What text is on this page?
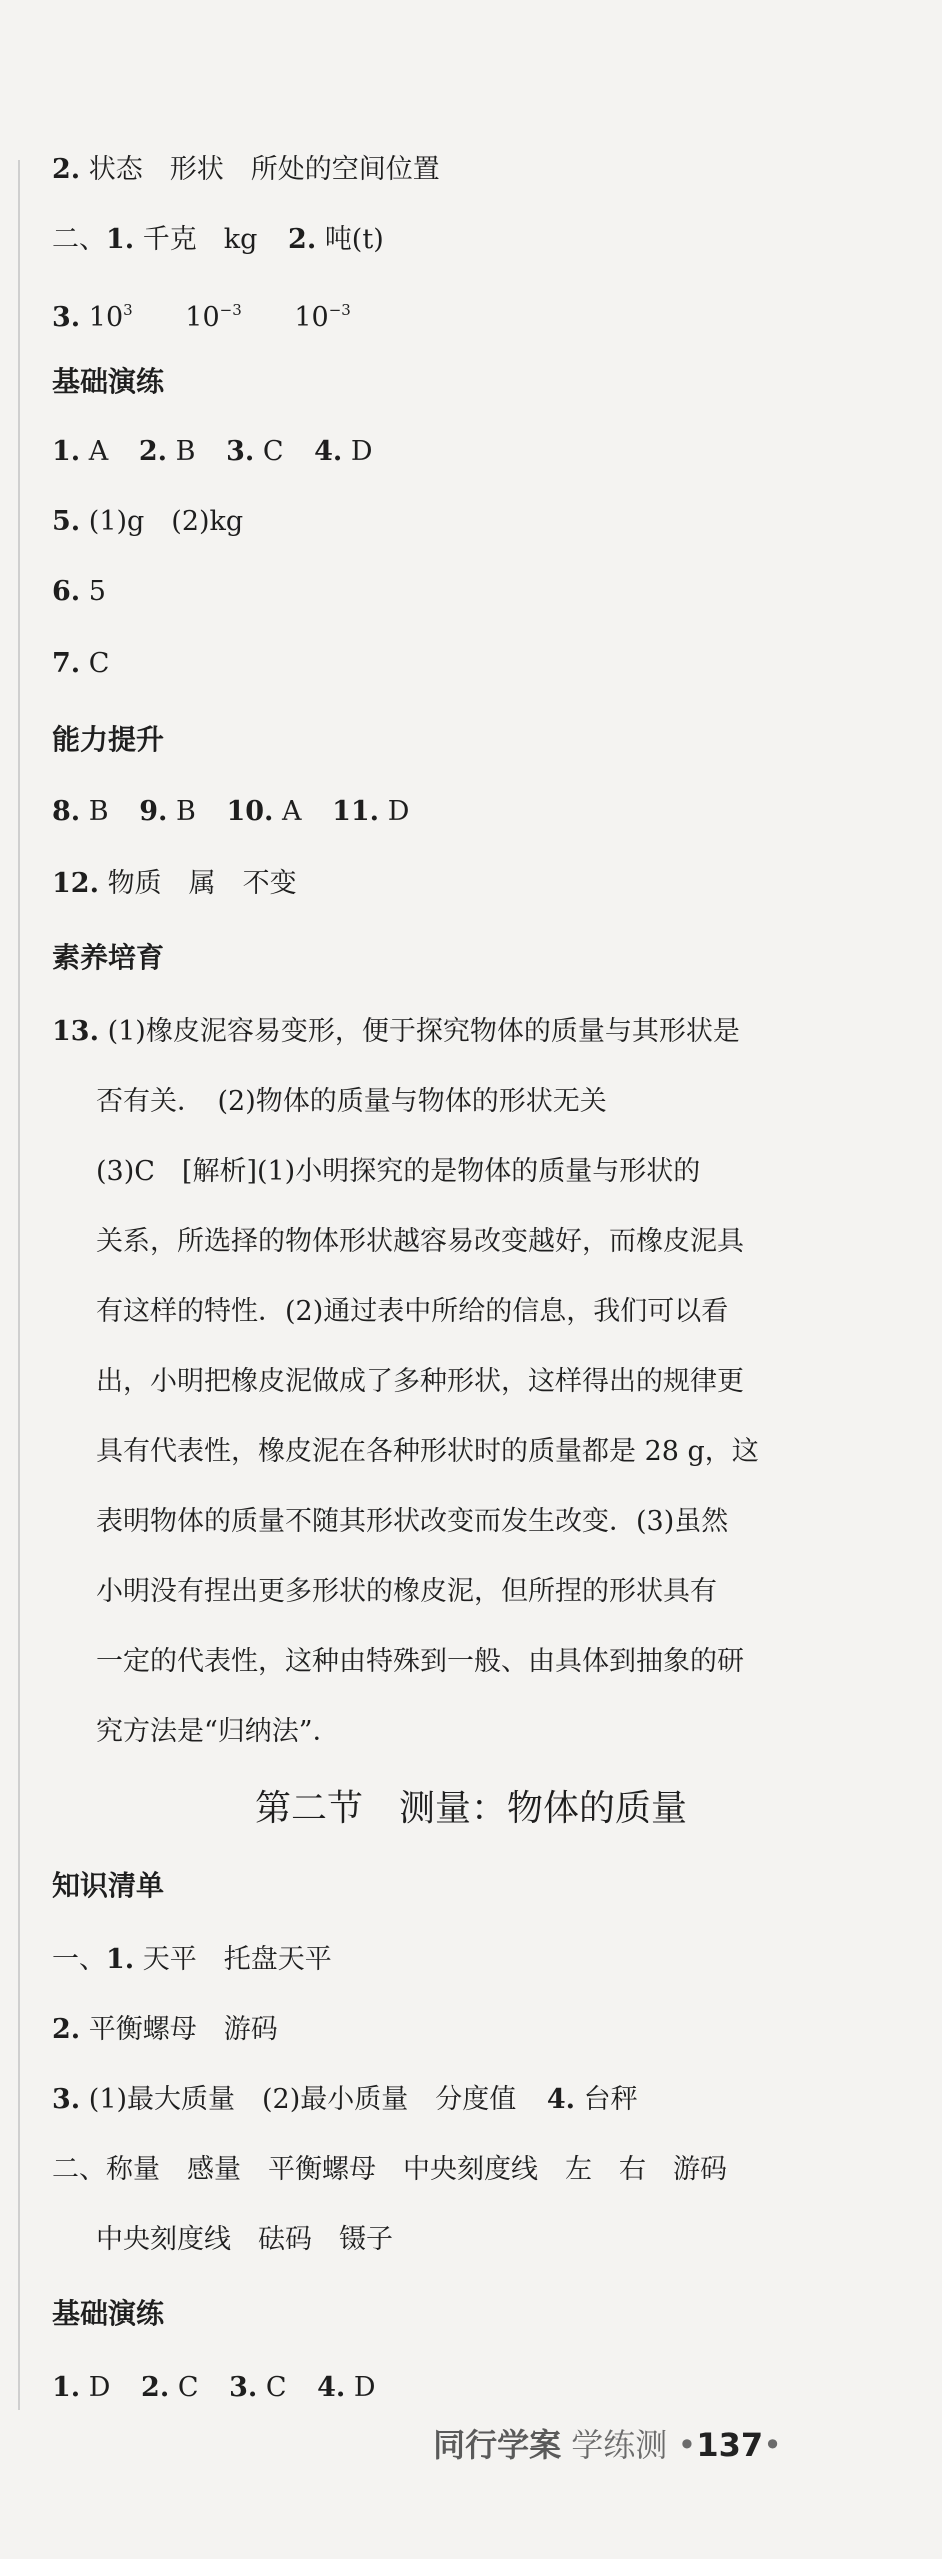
2. 状态　形状　所处的空间位置
二、1. 千克　kg 2. 吨(t)
3. $10^3$ $10^{-3}$ $10^{-3}$
基础演练
1. A 2. B 3. C 4. D
5. (1)g　(2)kg
6. 5
7. C
能力提升
8. B 9. B 10. A 11. D
12. 物质　属　不变
素养培育
13. (1)橡皮泥容易变形，便于探究物体的质量与其形状是
否有关．　(2)物体的质量与物体的形状无关
(3)C　[解析](1)小明探究的是物体的质量与形状的
关系，所选择的物体形状越容易改变越好，而橡皮泥具
有这样的特性．(2)通过表中所给的信息，我们可以看
出，小明把橡皮泥做成了多种形状，这样得出的规律更
具有代表性，橡皮泥在各种形状时的质量都是 28 g，这
表明物体的质量不随其形状改变而发生改变．(3)虽然
小明没有捏出更多形状的橡皮泥，但所捏的形状具有
一定的代表性，这种由特殊到一般、由具体到抽象的研
究方法是“归纳法”．
第二节　测量：物体的质量
知识清单
一、1. 天平　托盘天平
2. 平衡螺母　游码
3. (1)最大质量　(2)最小质量　分度值 4. 台秤
二、称量　感量　平衡螺母　中央刻度线　左　右　游码
中央刻度线　砝码　镊子
基础演练
1. D 2. C 3. C 4. D
同行学案 学练测 •137•
